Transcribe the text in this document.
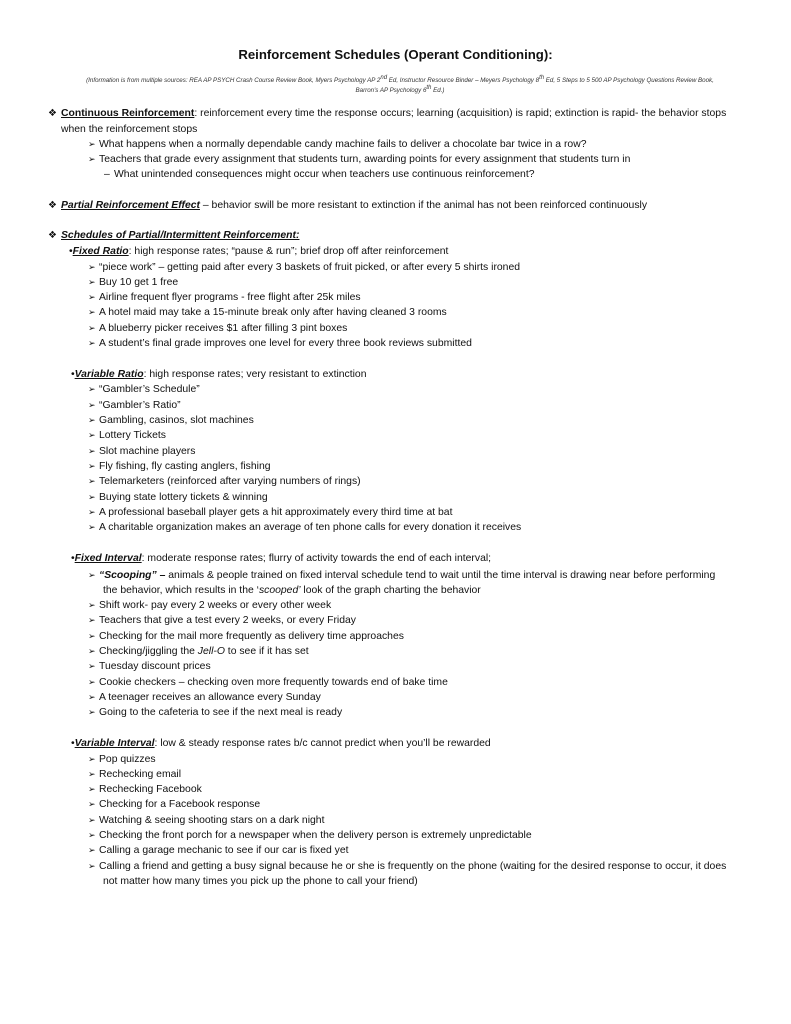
Reinforcement Schedules (Operant Conditioning):
(Information is from multiple sources: REA AP PSYCH Crash Course Review Book, Myers Psychology AP 2nd Ed, Instructor Resource Binder – Meyers Psychology 8th Ed, 5 Steps to 5 500 AP Psychology Questions Review Book,
Barron's AP Psychology 6th Ed.)
❖ Continuous Reinforcement: reinforcement every time the response occurs; learning (acquisition) is rapid; extinction is rapid- the behavior stops
when the reinforcement stops
➢ What happens when a normally dependable candy machine fails to deliver a chocolate bar twice in a row?
➢ Teachers that grade every assignment that students turn, awarding points for every assignment that students turn in
– What unintended consequences might occur when teachers use continuous reinforcement?
❖ Partial Reinforcement Effect – behavior swill be more resistant to extinction if the animal has not been reinforced continuously
❖ Schedules of Partial/Intermittent Reinforcement:
•Fixed Ratio: high response rates; “pause & run”; brief drop off after reinforcement
➢ “piece work” – getting paid after every 3 baskets of fruit picked, or after every 5 shirts ironed
➢ Buy 10 get 1 free
➢ Airline frequent flyer programs - free flight after 25k miles
➢ A hotel maid may take a 15-minute break only after having cleaned 3 rooms
➢ A blueberry picker receives $1 after filling 3 pint boxes
➢ A student’s final grade improves one level for every three book reviews submitted
•Variable Ratio: high response rates; very resistant to extinction
➢ “Gambler’s Schedule”
➢ “Gambler’s Ratio”
➢ Gambling, casinos, slot machines
➢ Lottery Tickets
➢ Slot machine players
➢ Fly fishing, fly casting anglers, fishing
➢ Telemarketers (reinforced after varying numbers of rings)
➢ Buying state lottery tickets & winning
➢ A professional baseball player gets a hit approximately every third time at bat
➢ A charitable organization makes an average of ten phone calls for every donation it receives
•Fixed Interval: moderate response rates; flurry of activity towards the end of each interval;
➢ “Scooping” – animals & people trained on fixed interval schedule tend to wait until the time interval is drawing near before performing
the behavior, which results in the ‘scooped’ look of the graph charting the behavior
➢ Shift work- pay every 2 weeks or every other week
➢ Teachers that give a test every 2 weeks, or every Friday
➢ Checking for the mail more frequently as delivery time approaches
➢ Checking/jiggling the Jell-O to see if it has set
➢ Tuesday discount prices
➢ Cookie checkers – checking oven more frequently towards end of bake time
➢ A teenager receives an allowance every Sunday
➢ Going to the cafeteria to see if the next meal is ready
•Variable Interval: low & steady response rates b/c cannot predict when you’ll be rewarded
➢ Pop quizzes
➢ Rechecking email
➢ Rechecking Facebook
➢ Checking for a Facebook response
➢ Watching & seeing shooting stars on a dark night
➢ Checking the front porch for a newspaper when the delivery person is extremely unpredictable
➢ Calling a garage mechanic to see if our car is fixed yet
➢ Calling a friend and getting a busy signal because he or she is frequently on the phone (waiting for the desired response to occur, it does
not matter how many times you pick up the phone to call your friend)
